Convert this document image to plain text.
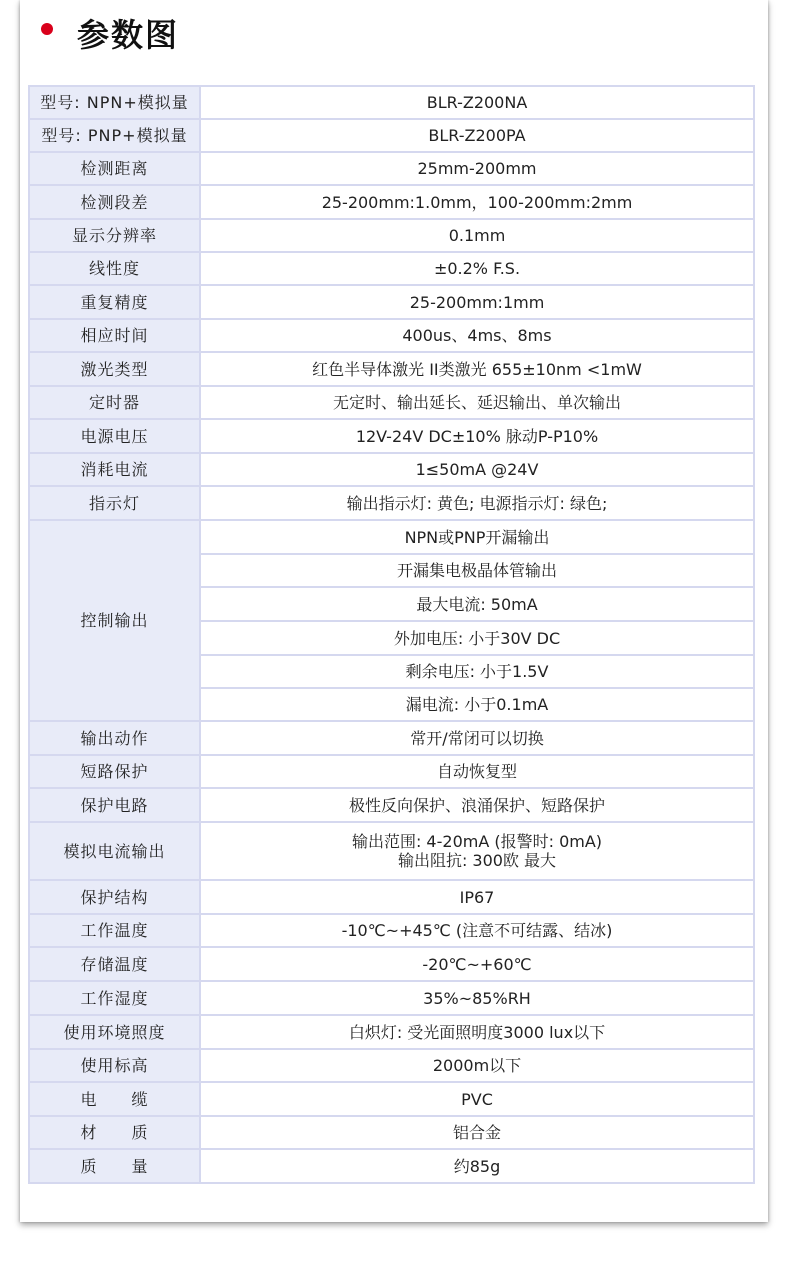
参数图
型号: NPN+模拟量	BLR-Z200NA
型号: PNP+模拟量	BLR-Z200PA
检测距离	25mm-200mm
检测段差	25-200mm:1.0mm，100-200mm:2mm
显示分辨率	0.1mm
线性度	±0.2% F.S.
重复精度	25-200mm:1mm
相应时间	400us、4ms、8ms
激光类型	红色半导体激光 II类激光 655±10nm <1mW
定时器	无定时、输出延长、延迟输出、单次输出
电源电压	12V-24V DC±10% 脉动P-P10%
消耗电流	1≤50mA @24V
指示灯	输出指示灯: 黄色; 电源指示灯: 绿色;
控制输出	NPN或PNP开漏输出
	开漏集电极晶体管输出
	最大电流: 50mA
	外加电压: 小于30V DC
	剩余电压: 小于1.5V
	漏电流: 小于0.1mA
输出动作	常开/常闭可以切换
短路保护	自动恢复型
保护电路	极性反向保护、浪涌保护、短路保护
模拟电流输出	输出范围: 4-20mA (报警时: 0mA)
输出阻抗: 300欧 最大

保护结构	IP67
工作温度	-10℃~+45℃ (注意不可结露、结冰)
存储温度	-20℃~+60℃
工作湿度	35%~85%RH
使用环境照度	白炽灯: 受光面照明度3000 lux以下
使用标高	2000m以下
电　　缆	PVC
材　　质	铝合金
质　　量	约85g
